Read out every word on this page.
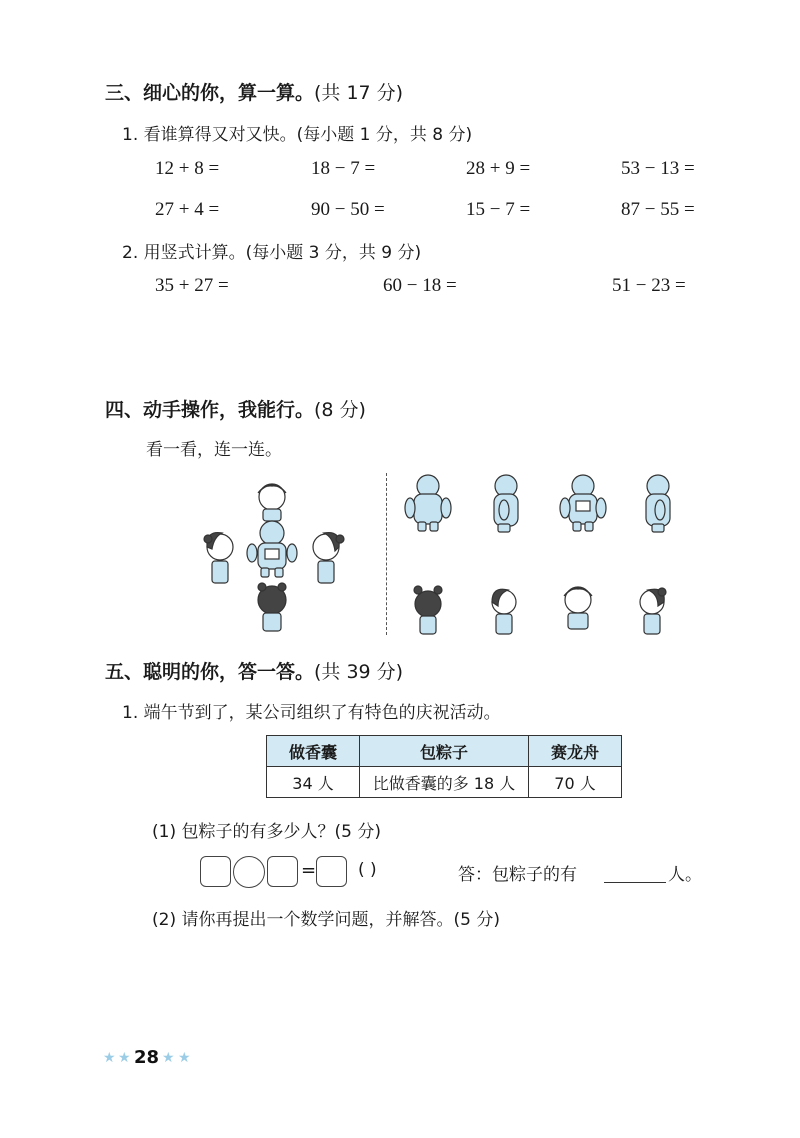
三、细心的你，算一算。(共 17 分)
1. 看谁算得又对又快。(每小题 1 分，共 8 分)
12 + 8 =	18 − 7 =	28 + 9 =	53 − 13 =
27 + 4 =	90 − 50 =	15 − 7 =	87 − 55 =
2. 用竖式计算。(每小题 3 分，共 9 分)
35 + 27 =	60 − 18 =	51 − 23 =
四、动手操作，我能行。(8 分)
看一看，连一连。
五、聪明的你，答一答。(共 39 分)
1. 端午节到了，某公司组织了有特色的庆祝活动。
做香囊	包粽子	赛龙舟
34 人	比做香囊的多 18 人	70 人
(1) 包粽子的有多少人？(5 分)
= ( )	答：包粽子的有	人。
(2) 请你再提出一个数学问题，并解答。(5 分)
★ ★ 28 ★ ★
